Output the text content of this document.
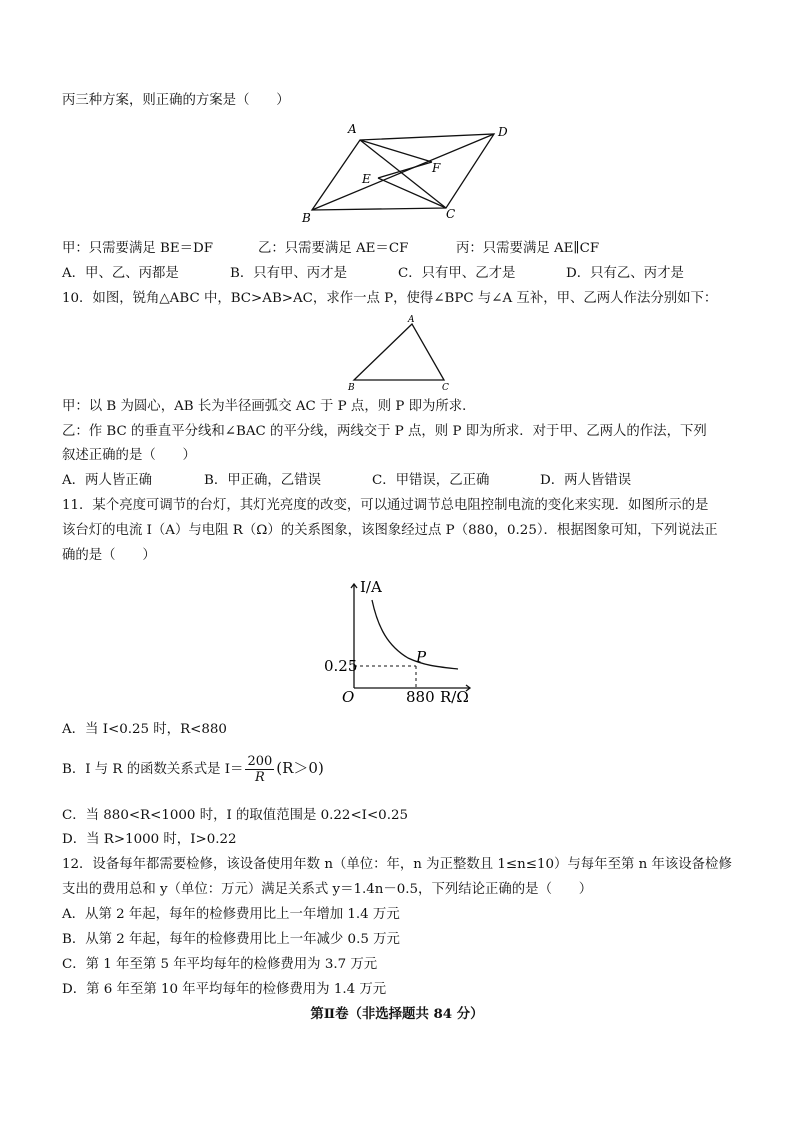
丙三种方案，则正确的方案是（　　）
A	D
E
F
B	C
甲：只需要满足 BE＝DF	乙：只需要满足 AE＝CF	丙：只需要满足 AE∥CF
A．甲、乙、丙都是	B．只有甲、丙才是	C．只有甲、乙才是	D．只有乙、丙才是
10．如图，锐角△ABC 中，BC>AB>AC，求作一点 P，使得∠BPC 与∠A 互补，甲、乙两人作法分别如下：
A
B	C
甲：以 B 为圆心，AB 长为半径画弧交 AC 于 P 点，则 P 即为所求．
乙：作 BC 的垂直平分线和∠BAC 的平分线，两线交于 P 点，则 P 即为所求．对于甲、乙两人的作法，下列
叙述正确的是（　　）
A．两人皆正确	B．甲正确，乙错误	C．甲错误，乙正确	D．两人皆错误
11．某个亮度可调节的台灯，其灯光亮度的改变，可以通过调节总电阻控制电流的变化来实现．如图所示的是
该台灯的电流 I（A）与电阻 R（Ω）的关系图象，该图象经过点 P（880，0.25）．根据图象可知，下列说法正
确的是（　　）
I/A
R/Ω
O
0.25
880
P
A．当 I<0.25 时，R<880
B．I 与 R 的函数关系式是 $I= \frac{200}{R} (R>0)$
C．当 880<R<1000 时，I 的取值范围是 0.22<I<0.25
D．当 R>1000 时，I>0.22
12．设备每年都需要检修，该设备使用年数 n（单位：年，n 为正整数且 1≤n≤10）与每年至第 n 年该设备检修
支出的费用总和 y（单位：万元）满足关系式 y＝1.4n－0.5，下列结论正确的是（　　）
A．从第 2 年起，每年的检修费用比上一年增加 1.4 万元
B．从第 2 年起，每年的检修费用比上一年减少 0.5 万元
C．第 1 年至第 5 年平均每年的检修费用为 3.7 万元
D．第 6 年至第 10 年平均每年的检修费用为 1.4 万元
第Ⅱ卷（非选择题共 84 分）
